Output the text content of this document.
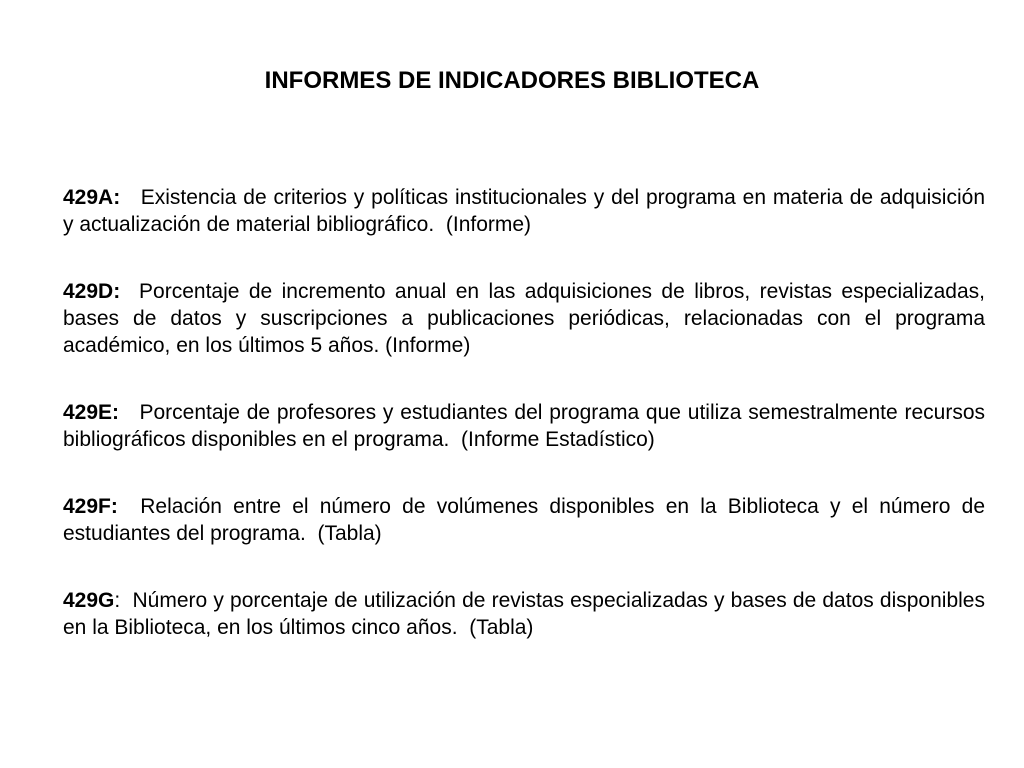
INFORMES DE INDICADORES BIBLIOTECA

429A: Existencia de criterios y políticas institucionales y del programa en materia de adquisición y actualización de material bibliográfico.  (Informe)

429D: Porcentaje de incremento anual en las adquisiciones de libros, revistas especializadas, bases de datos y suscripciones a publicaciones periódicas, relacionadas con el programa académico, en los últimos 5 años. (Informe)

429E: Porcentaje de profesores y estudiantes del programa que utiliza semestralmente recursos bibliográficos disponibles en el programa.  (Informe Estadístico)

429F: Relación entre el número de volúmenes disponibles en la Biblioteca y el número de estudiantes del programa.  (Tabla)

429G:  Número y porcentaje de utilización de revistas especializadas y bases de datos disponibles en la Biblioteca, en los últimos cinco años.  (Tabla)
